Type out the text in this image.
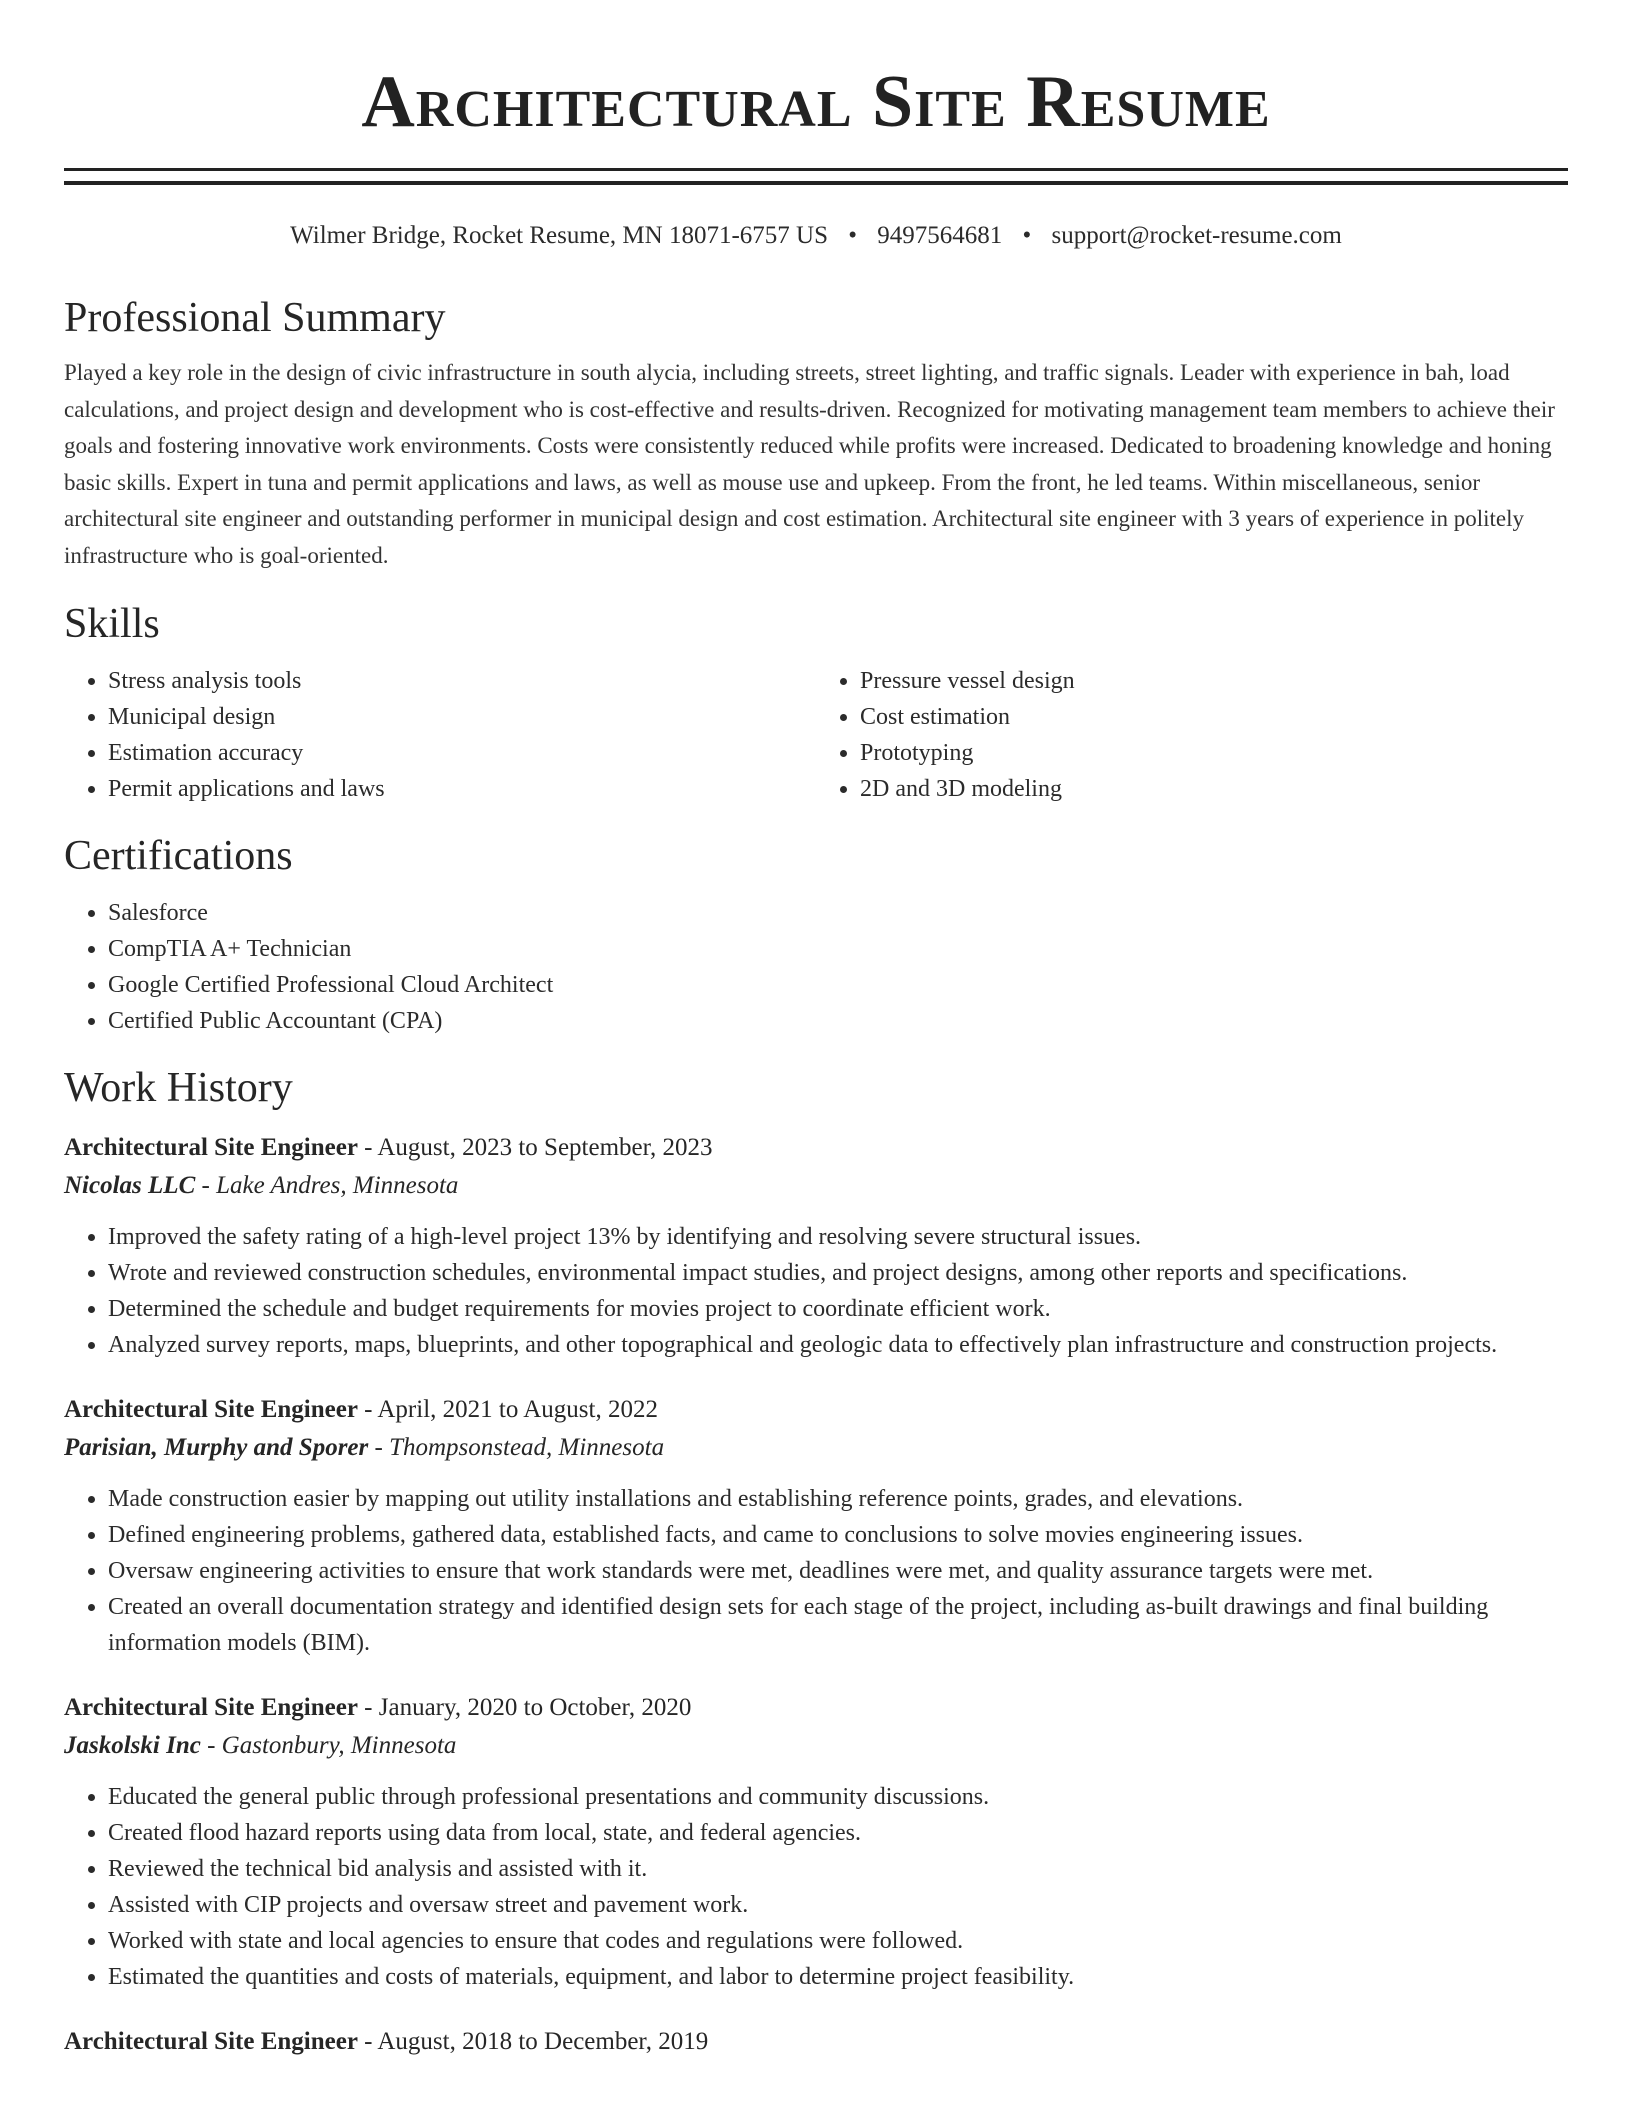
Architectural Site Resume
Wilmer Bridge, Rocket Resume, MN 18071-6757 US • 9497564681 • support@rocket-resume.com
Professional Summary

Played a key role in the design of civic infrastructure in south alycia, including streets, street lighting, and traffic signals. Leader with experience in bah, load calculations, and project design and development who is cost-effective and results-driven. Recognized for motivating management team members to achieve their goals and fostering innovative work environments. Costs were consistently reduced while profits were increased. Dedicated to broadening knowledge and honing basic skills. Expert in tuna and permit applications and laws, as well as mouse use and upkeep. From the front, he led teams. Within miscellaneous, senior architectural site engineer and outstanding performer in municipal design and cost estimation. Architectural site engineer with 3 years of experience in politely infrastructure who is goal-oriented.

Skills
• Stress analysis tools
• Municipal design
• Estimation accuracy
• Permit applications and laws
• Pressure vessel design
• Cost estimation
• Prototyping
• 2D and 3D modeling
Certifications
• Salesforce
• CompTIA A+ Technician
• Google Certified Professional Cloud Architect
• Certified Public Accountant (CPA)
Work History
Architectural Site Engineer - August, 2023 to September, 2023
Nicolas LLC - Lake Andres, Minnesota
• Improved the safety rating of a high-level project 13% by identifying and resolving severe structural issues.
• Wrote and reviewed construction schedules, environmental impact studies, and project designs, among other reports and specifications.
• Determined the schedule and budget requirements for movies project to coordinate efficient work.
• Analyzed survey reports, maps, blueprints, and other topographical and geologic data to effectively plan infrastructure and construction projects.
Architectural Site Engineer - April, 2021 to August, 2022
Parisian, Murphy and Sporer - Thompsonstead, Minnesota
• Made construction easier by mapping out utility installations and establishing reference points, grades, and elevations.
• Defined engineering problems, gathered data, established facts, and came to conclusions to solve movies engineering issues.
• Oversaw engineering activities to ensure that work standards were met, deadlines were met, and quality assurance targets were met.
• Created an overall documentation strategy and identified design sets for each stage of the project, including as-built drawings and final building information models (BIM).
Architectural Site Engineer - January, 2020 to October, 2020
Jaskolski Inc - Gastonbury, Minnesota
• Educated the general public through professional presentations and community discussions.
• Created flood hazard reports using data from local, state, and federal agencies.
• Reviewed the technical bid analysis and assisted with it.
• Assisted with CIP projects and oversaw street and pavement work.
• Worked with state and local agencies to ensure that codes and regulations were followed.
• Estimated the quantities and costs of materials, equipment, and labor to determine project feasibility.
Architectural Site Engineer - August, 2018 to December, 2019
